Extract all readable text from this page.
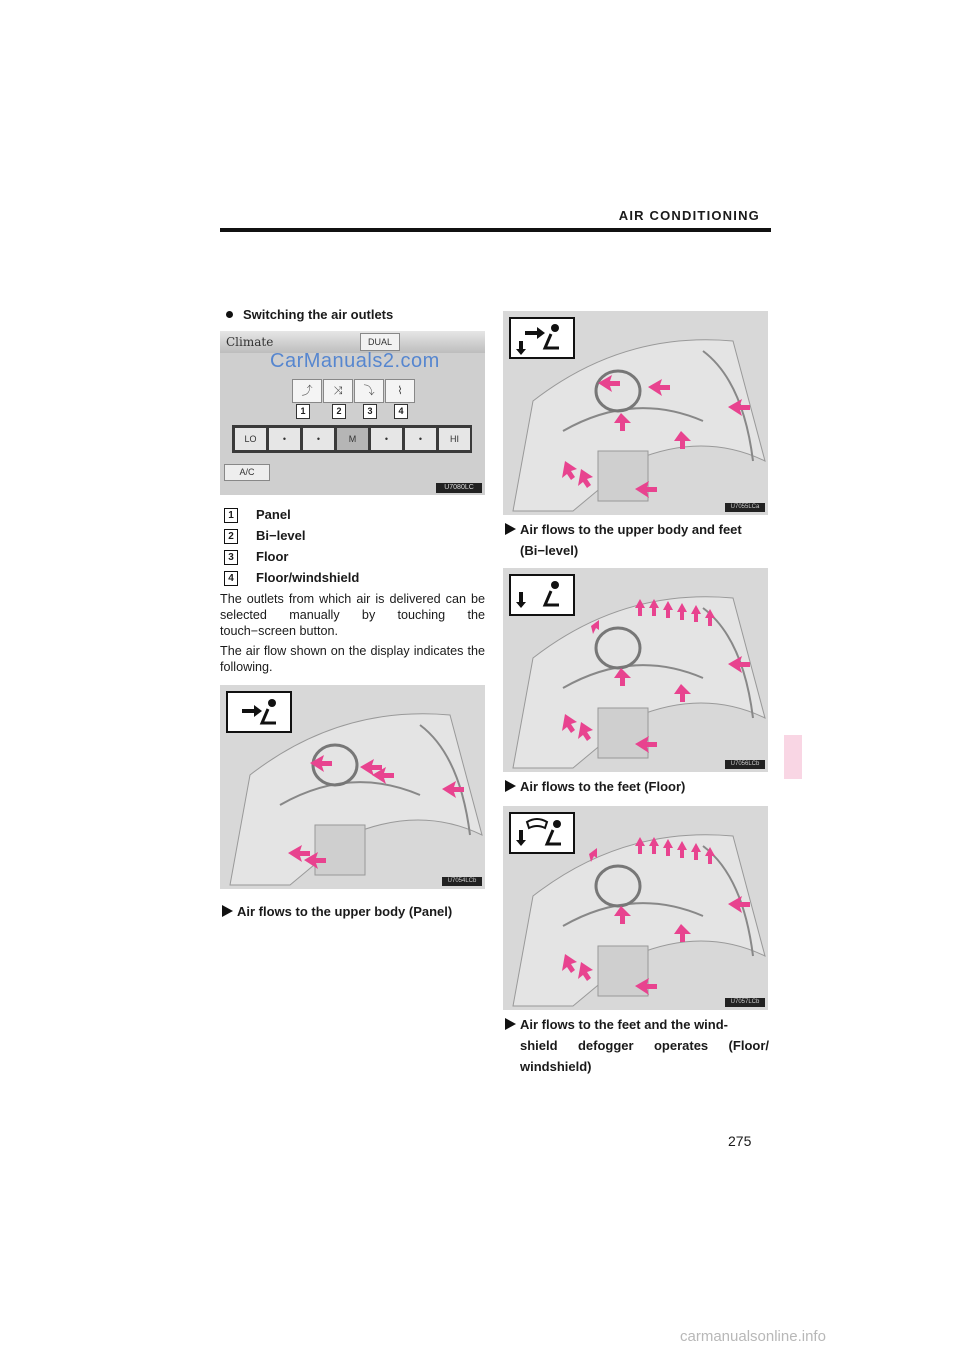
AIR CONDITIONING
Switching the air outlets
Climate	DUAL
CarManuals2.com
⤴	⤨	⤵	⌇
1	2	3	4
LO	•	•	M	•	•	HI
A/C
U7080LC
1 Panel
2 Bi−level
3 Floor
4 Floor/windshield
The outlets from which air is delivered can be selected manually by touching the touch−screen button.
The air flow shown on the display indicates the following.
U7054LCb
Air flows to the upper body (Panel)
U7055LCa
Air flows to the upper body and feet
(Bi−level)
U7056LCb
Air flows to the feet (Floor)
U7057LCb
Air flows to the feet and the wind-
shield defogger operates (Floor/
windshield)
275
carmanualsonline.info
